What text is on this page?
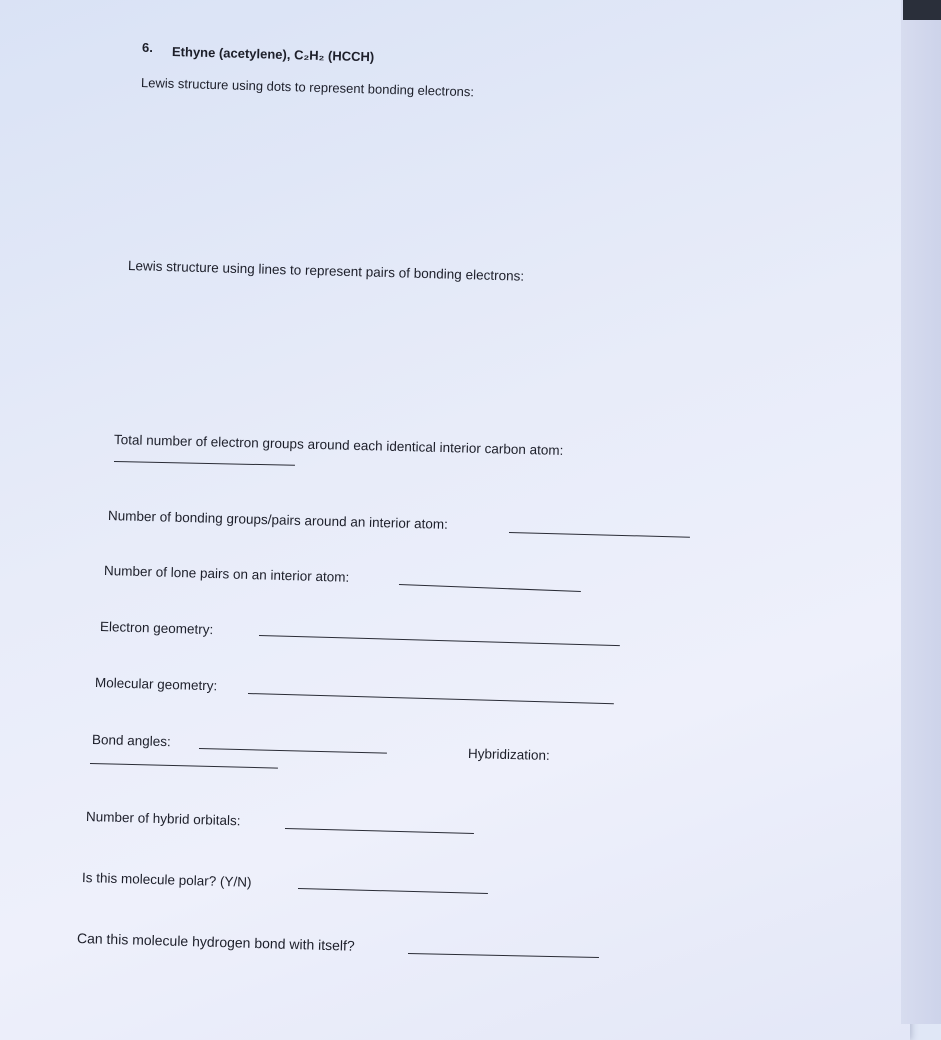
6. Ethyne (acetylene), C₂H₂ (HCCH)
Lewis structure using dots to represent bonding electrons:
Lewis structure using lines to represent pairs of bonding electrons:
Total number of electron groups around each identical interior carbon atom:
Number of bonding groups/pairs around an interior atom:
Number of lone pairs on an interior atom:
Electron geometry:
Molecular geometry:
Bond angles:
Hybridization:
Number of hybrid orbitals:
Is this molecule polar? (Y/N)
Can this molecule hydrogen bond with itself?
